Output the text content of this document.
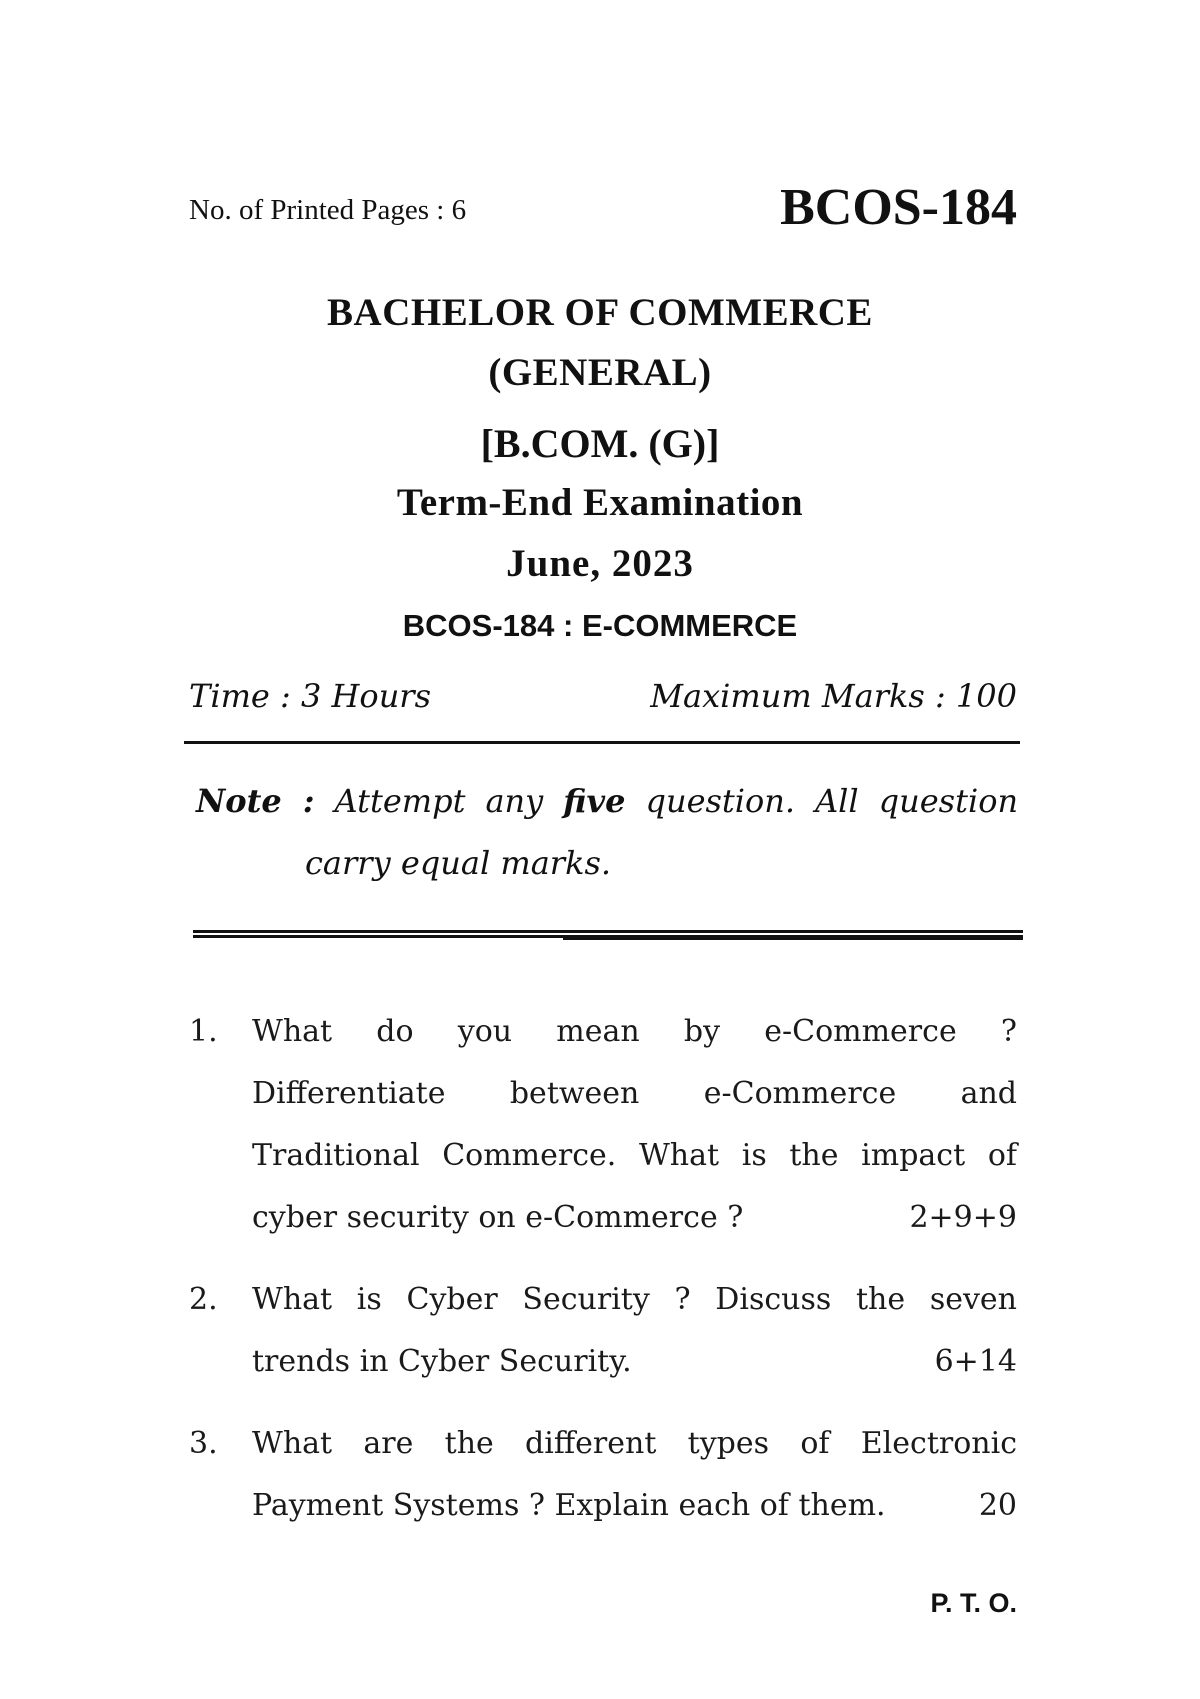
No. of Printed Pages : 6	BCOS-184
BACHELOR OF COMMERCE
(GENERAL)
[B.COM. (G)]
Term-End Examination
June, 2023
BCOS-184 : E-COMMERCE
Time : 3 Hours	Maximum Marks : 100
Note : Attempt any five question. All question
carry equal marks.
1. What do you mean by e-Commerce ?
Differentiate between e-Commerce and
Traditional Commerce. What is the impact of
cyber security on e-Commerce ?	2+9+9
2. What is Cyber Security ? Discuss the seven
trends in Cyber Security.	6+14
3. What are the different types of Electronic
Payment Systems ? Explain each of them.	20
P. T. O.
